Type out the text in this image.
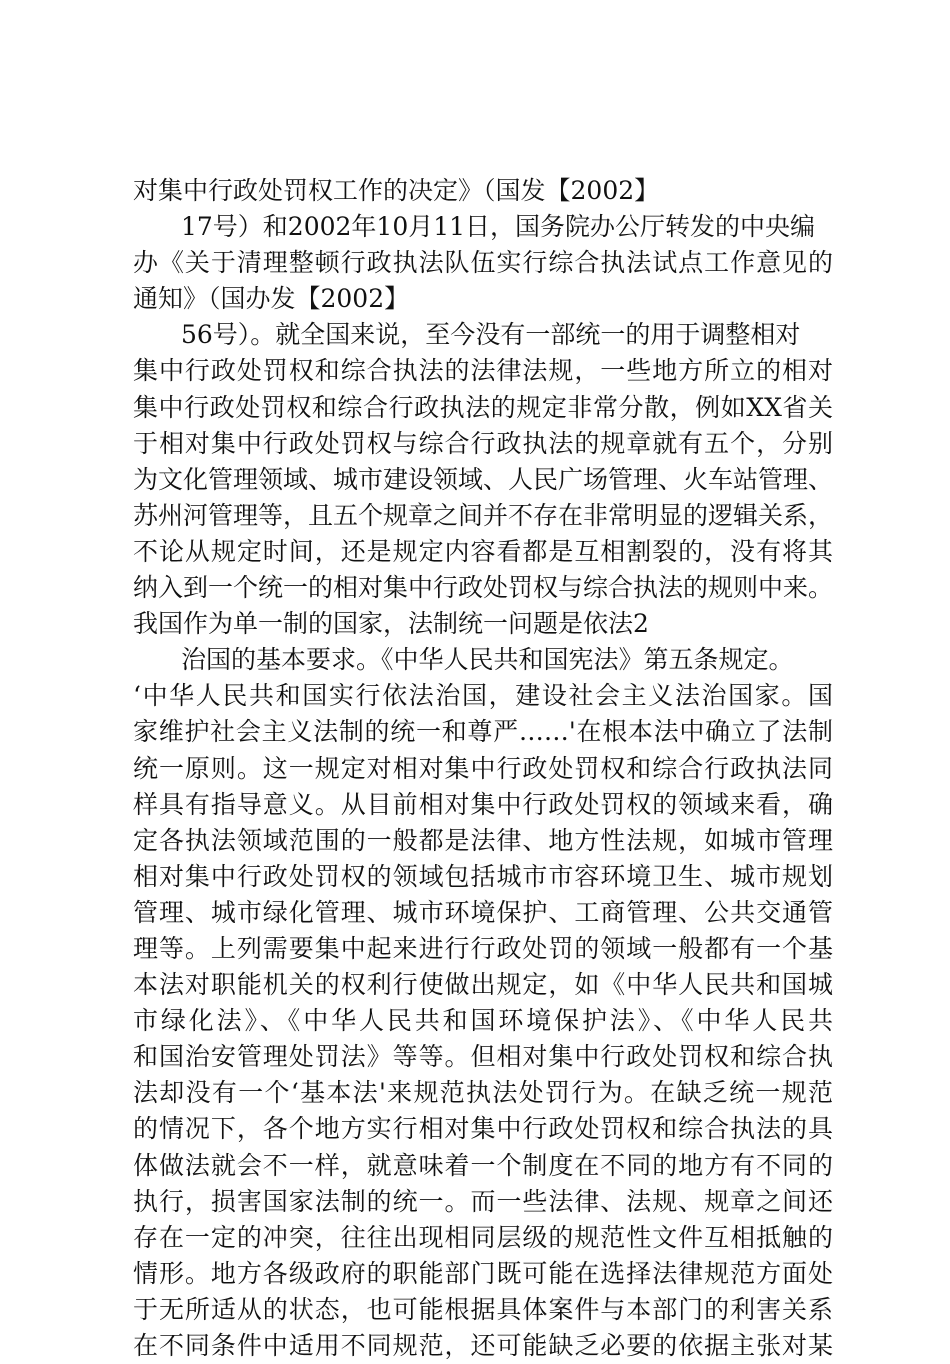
对集中行政处罚权工作的决定》（国发【2002】
17号）和2002年10月11日，国务院办公厅转发的中央编
办《关于清理整顿行政执法队伍实行综合执法试点工作意见的
通知》（国办发【2002】
56号）。就全国来说，至今没有一部统一的用于调整相对
集中行政处罚权和综合执法的法律法规，一些地方所立的相对
集中行政处罚权和综合行政执法的规定非常分散，例如XX省关
于相对集中行政处罚权与综合行政执法的规章就有五个，分别
为文化管理领域、城市建设领域、人民广场管理、火车站管理、
苏州河管理等，且五个规章之间并不存在非常明显的逻辑关系，
不论从规定时间，还是规定内容看都是互相割裂的，没有将其
纳入到一个统一的相对集中行政处罚权与综合执法的规则中来。
我国作为单一制的国家，法制统一问题是依法2
治国的基本要求。《中华人民共和国宪法》第五条规定。
‘中华人民共和国实行依法治国，建设社会主义法治国家。国
家维护社会主义法制的统一和尊严……'在根本法中确立了法制
统一原则。这一规定对相对集中行政处罚权和综合行政执法同
样具有指导意义。从目前相对集中行政处罚权的领域来看，确
定各执法领域范围的一般都是法律、地方性法规，如城市管理
相对集中行政处罚权的领域包括城市市容环境卫生、城市规划
管理、城市绿化管理、城市环境保护、工商管理、公共交通管
理等。上列需要集中起来进行行政处罚的领域一般都有一个基
本法对职能机关的权利行使做出规定，如《中华人民共和国城
市绿化法》、《中华人民共和国环境保护法》、《中华人民共
和国治安管理处罚法》等等。但相对集中行政处罚权和综合执
法却没有一个‘基本法'来规范执法处罚行为。在缺乏统一规范
的情况下，各个地方实行相对集中行政处罚权和综合执法的具
体做法就会不一样，就意味着一个制度在不同的地方有不同的
执行，损害国家法制的统一。而一些法律、法规、规章之间还
存在一定的冲突，往往出现相同层级的规范性文件互相抵触的
情形。地方各级政府的职能部门既可能在选择法律规范方面处
于无所适从的状态，也可能根据具体案件与本部门的利害关系
在不同条件中适用不同规范，还可能缺乏必要的依据主张对某
